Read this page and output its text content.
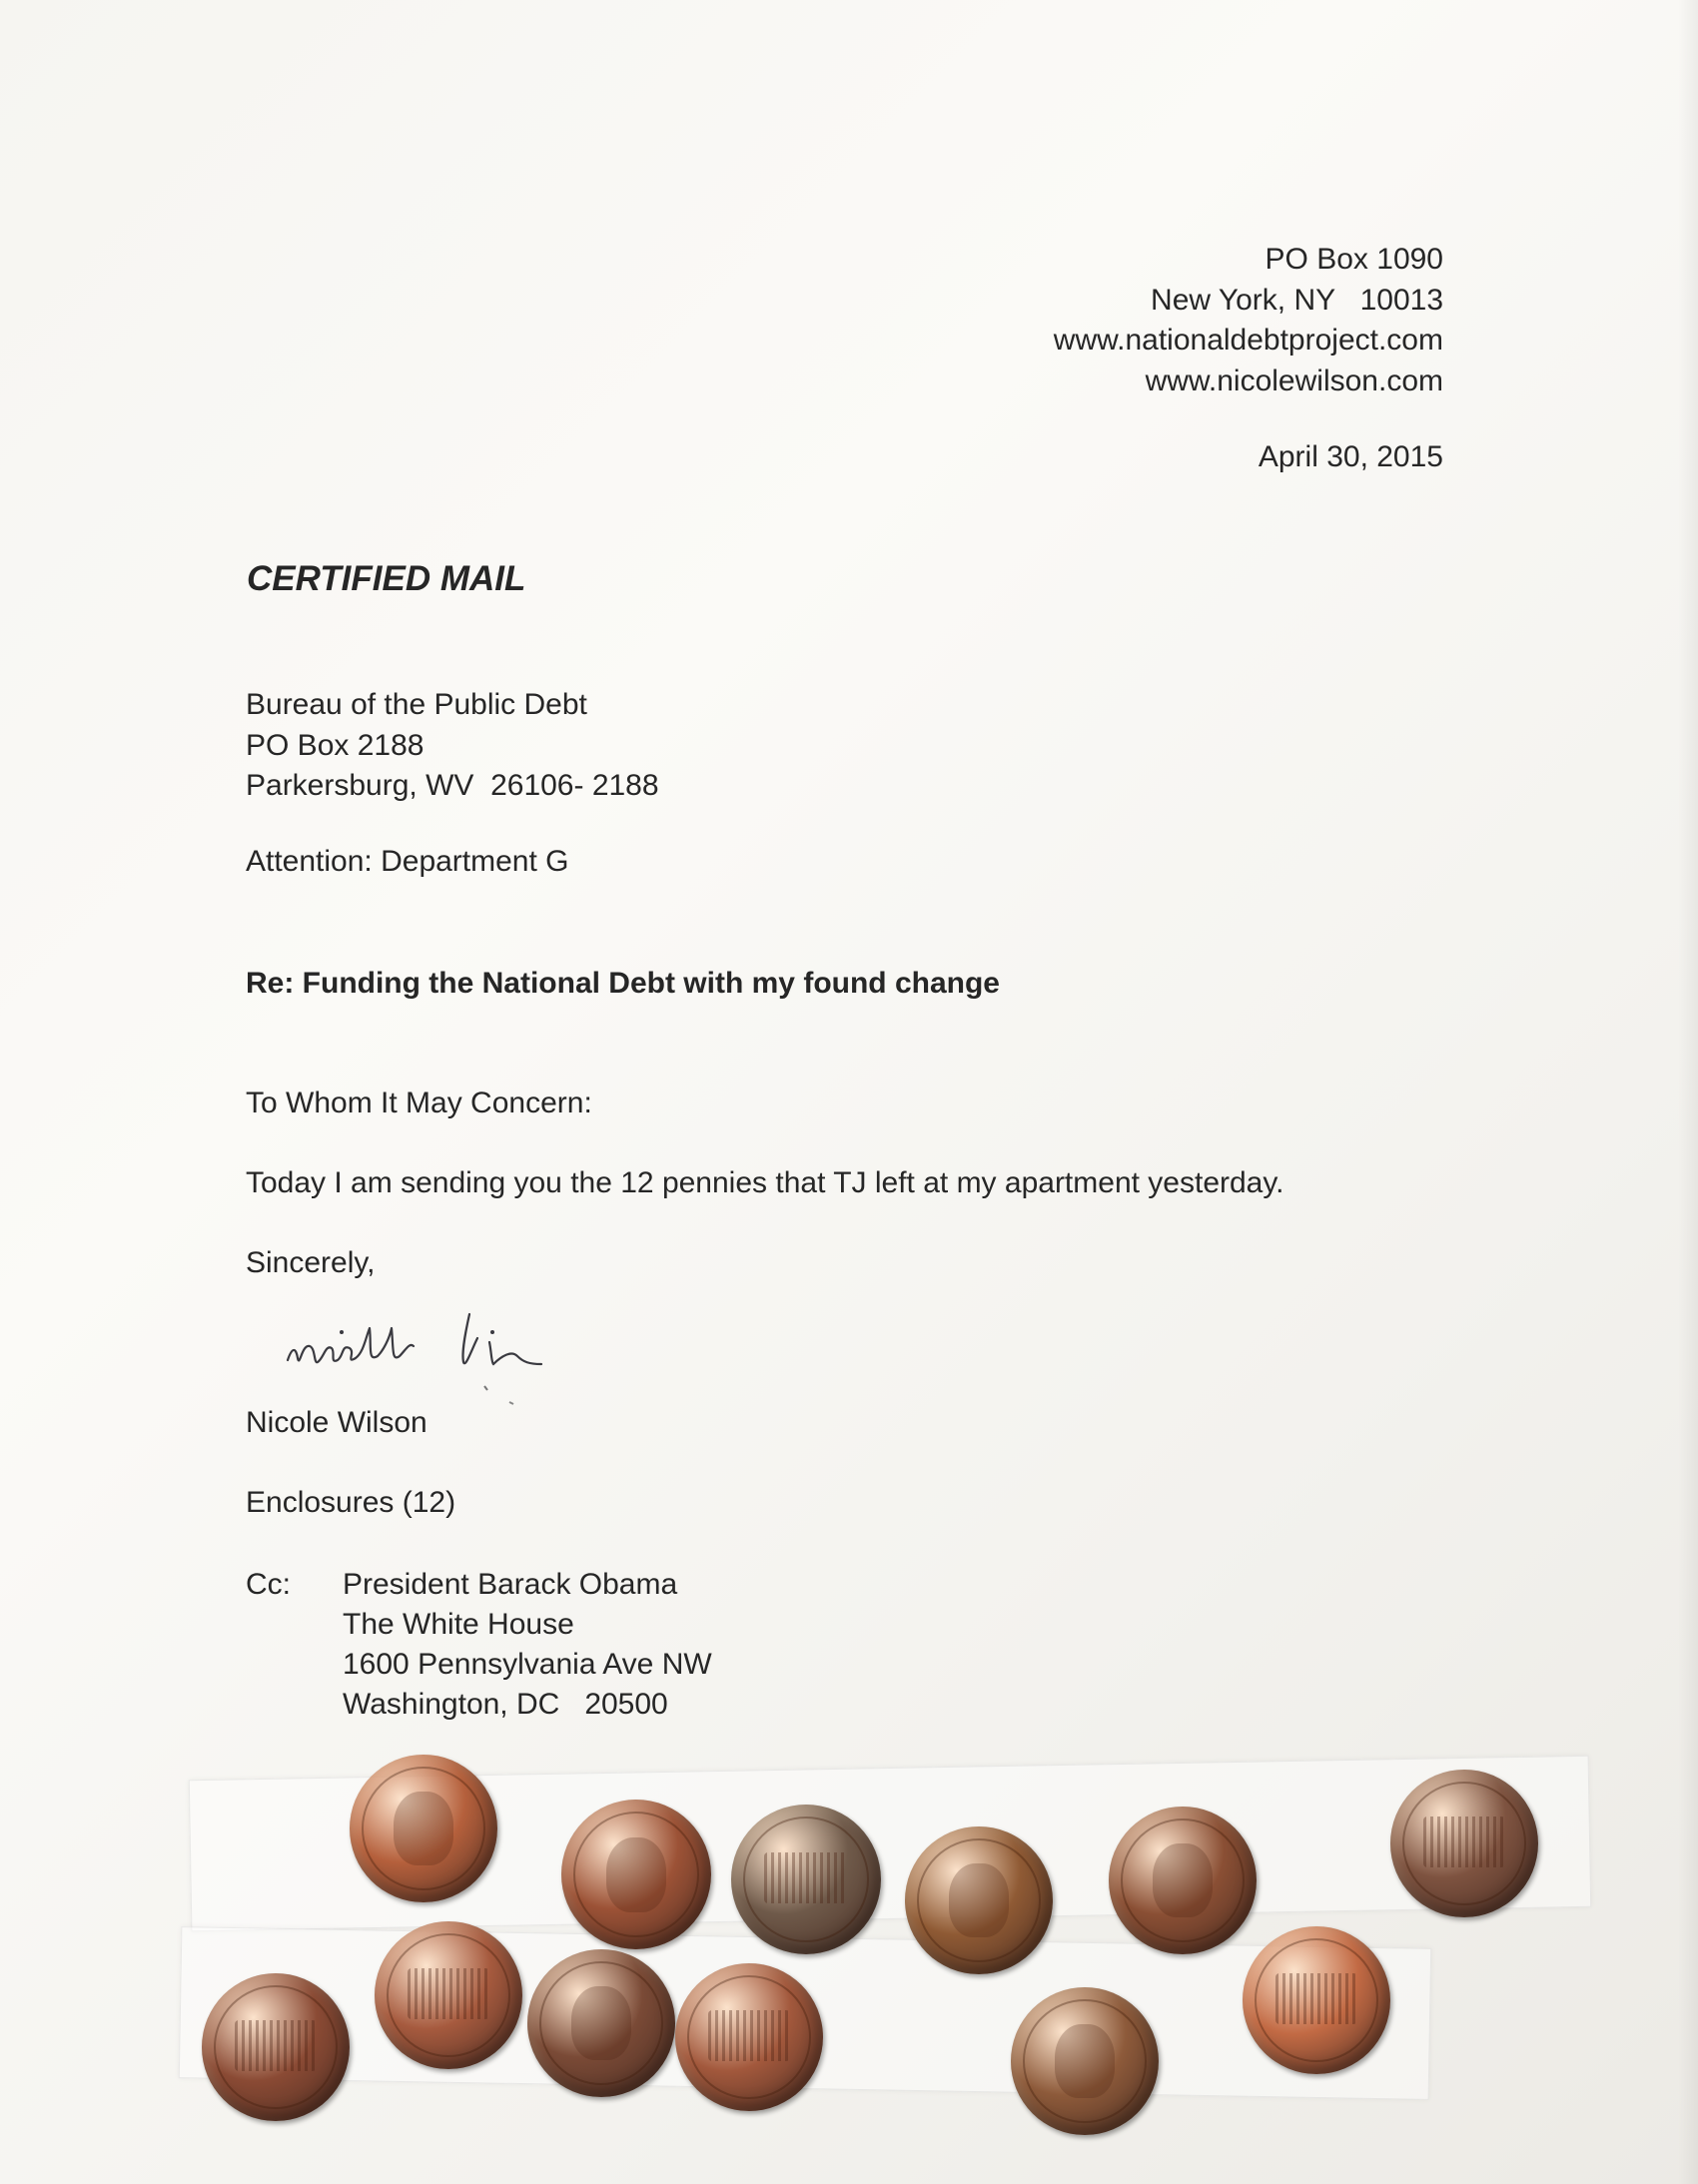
PO Box 1090
New York, NY   10013
www.nationaldebtproject.com
www.nicolewilson.com
April 30, 2015
CERTIFIED MAIL
Bureau of the Public Debt
PO Box 2188
Parkersburg, WV  26106- 2188
Attention: Department G
Re: Funding the National Debt with my found change
To Whom It May Concern:
Today I am sending you the 12 pennies that TJ left at my apartment yesterday.
Sincerely,
Nicole Wilson
Enclosures (12)
Cc: President Barack Obama
The White House
1600 Pennsylvania Ave NW
Washington, DC   20500
